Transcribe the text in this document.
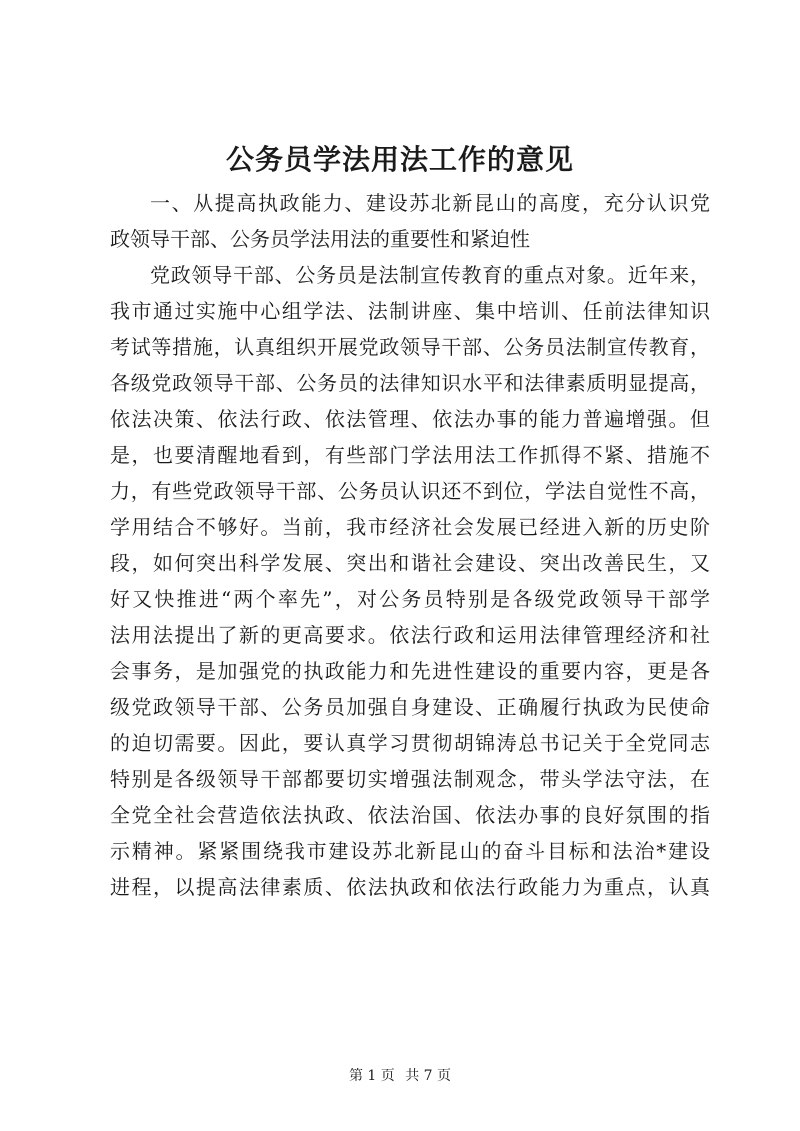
公务员学法用法工作的意见
一、从提高执政能力、建设苏北新昆山的高度，充分认识党
政领导干部、公务员学法用法的重要性和紧迫性
党政领导干部、公务员是法制宣传教育的重点对象。近年来，
我市通过实施中心组学法、法制讲座、集中培训、任前法律知识
考试等措施，认真组织开展党政领导干部、公务员法制宣传教育，
各级党政领导干部、公务员的法律知识水平和法律素质明显提高，
依法决策、依法行政、依法管理、依法办事的能力普遍增强。但
是，也要清醒地看到，有些部门学法用法工作抓得不紧、措施不
力，有些党政领导干部、公务员认识还不到位，学法自觉性不高，
学用结合不够好。当前，我市经济社会发展已经进入新的历史阶
段，如何突出科学发展、突出和谐社会建设、突出改善民生，又
好又快推进“两个率先”，对公务员特别是各级党政领导干部学
法用法提出了新的更高要求。依法行政和运用法律管理经济和社
会事务，是加强党的执政能力和先进性建设的重要内容，更是各
级党政领导干部、公务员加强自身建设、正确履行执政为民使命
的迫切需要。因此，要认真学习贯彻胡锦涛总书记关于全党同志
特别是各级领导干部都要切实增强法制观念，带头学法守法，在
全党全社会营造依法执政、依法治国、依法办事的良好氛围的指
示精神。紧紧围绕我市建设苏北新昆山的奋斗目标和法治*建设
进程，以提高法律素质、依法执政和依法行政能力为重点，认真
第 1 页 共 7 页
